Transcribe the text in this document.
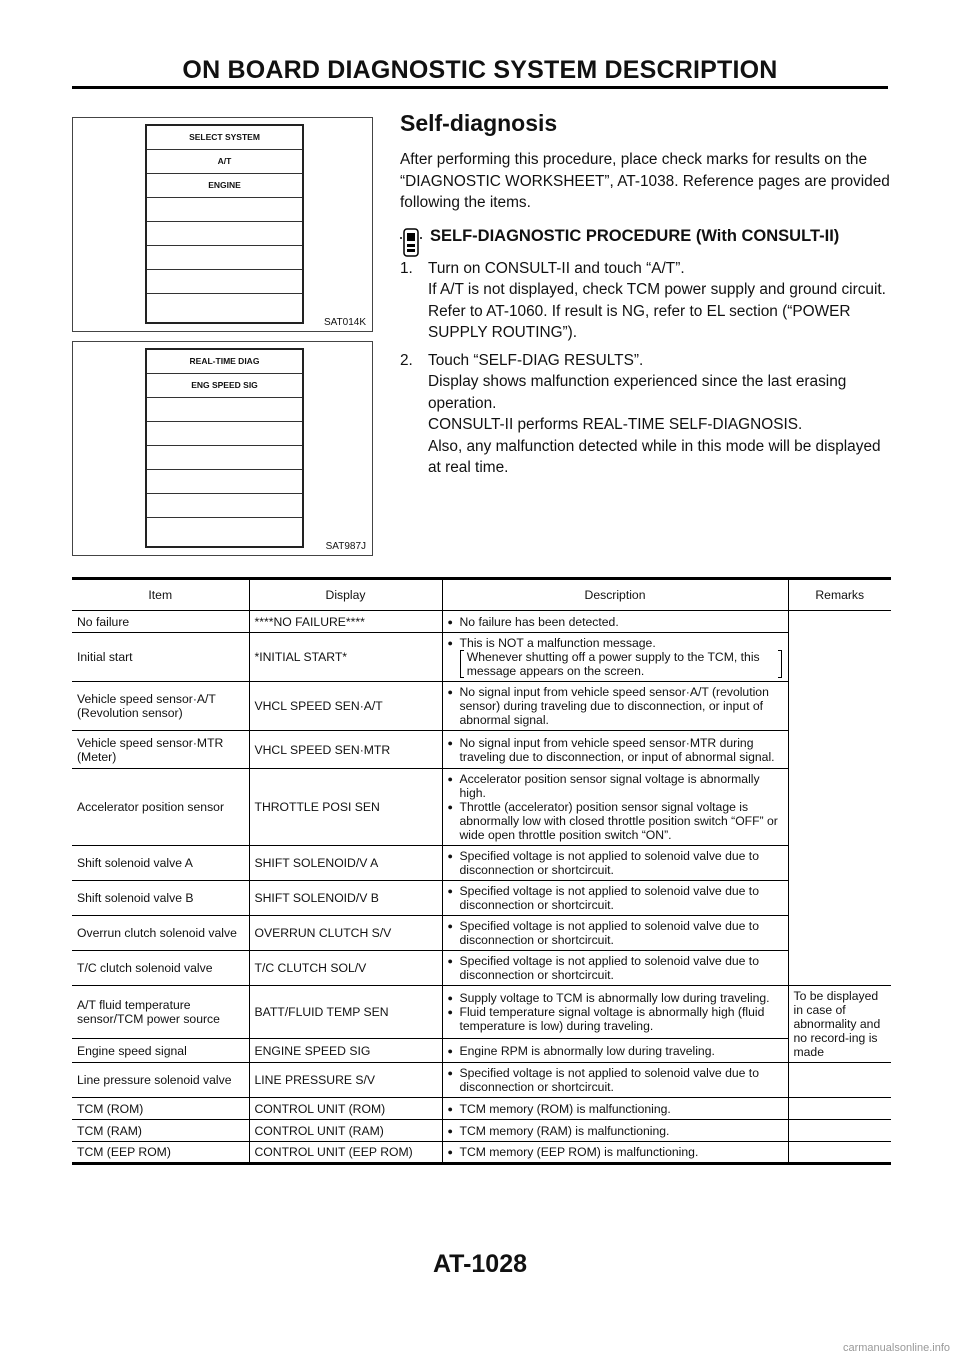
ON BOARD DIAGNOSTIC SYSTEM DESCRIPTION
SELECT SYSTEM
A/T
ENGINE
SAT014K
REAL-TIME DIAG
ENG SPEED SIG
SAT987J
Self-diagnosis

After performing this procedure, place check marks for results on the “DIAGNOSTIC WORKSHEET”, AT-1038. Reference pages are provided following the items.

SELF-DIAGNOSTIC PROCEDURE (With CONSULT-II)
1. Turn on CONSULT-II and touch “A/T”.
If A/T is not displayed, check TCM power supply and ground circuit. Refer to AT-1060. If result is NG, refer to EL section (“POWER SUPPLY ROUTING”).
2. Touch “SELF-DIAG RESULTS”.
Display shows malfunction experienced since the last erasing operation.
CONSULT-II performs REAL-TIME SELF-DIAGNOSIS.
Also, any malfunction detected while in this mode will be displayed at real time.
Item	Display	Description	Remarks
No failure	****NO FAILURE****	● No failure has been detected.	

Initial start	*INITIAL START*	● This is NOT a malfunction message.
Whenever shutting off a power supply to the TCM, this message appears on the screen.	

Vehicle speed sensor·A/T (Revolution sensor)	VHCL SPEED SEN·A/T	● No signal input from vehicle speed sensor·A/T (revolution sensor) during traveling due to disconnection, or input of abnormal signal.	

Vehicle speed sensor·MTR (Meter)	VHCL SPEED SEN·MTR	● No signal input from vehicle speed sensor·MTR during traveling due to disconnection, or input of abnormal signal.	

Accelerator position sensor	THROTTLE POSI SEN	● Accelerator position sensor signal voltage is abnormally high.
● Throttle (accelerator) position sensor signal voltage is abnormally low with closed throttle position switch “OFF” or wide open throttle position switch “ON”.	

Shift solenoid valve A	SHIFT SOLENOID/V A	● Specified voltage is not applied to solenoid valve due to disconnection or shortcircuit.	

Shift solenoid valve B	SHIFT SOLENOID/V B	● Specified voltage is not applied to solenoid valve due to disconnection or shortcircuit.	

Overrun clutch solenoid valve	OVERRUN CLUTCH S/V	● Specified voltage is not applied to solenoid valve due to disconnection or shortcircuit.	

T/C clutch solenoid valve	T/C CLUTCH SOL/V	● Specified voltage is not applied to solenoid valve due to disconnection or shortcircuit.	

A/T fluid temperature sensor/TCM power source	BATT/FLUID TEMP SEN	● Supply voltage to TCM is abnormally low during traveling.
● Fluid temperature signal voltage is abnormally high (fluid temperature is low) during traveling.	To be displayed in case of abnormality and no record-ing is made
Engine speed signal	ENGINE SPEED SIG	● Engine RPM is abnormally low during traveling.	

Line pressure solenoid valve	LINE PRESSURE S/V	● Specified voltage is not applied to solenoid valve due to disconnection or shortcircuit.	

TCM (ROM)	CONTROL UNIT (ROM)	● TCM memory (ROM) is malfunctioning.	

TCM (RAM)	CONTROL UNIT (RAM)	● TCM memory (RAM) is malfunctioning.	

TCM (EEP ROM)	CONTROL UNIT (EEP ROM)	● TCM memory (EEP ROM) is malfunctioning.	

AT-1028
carmanualsonline.info
